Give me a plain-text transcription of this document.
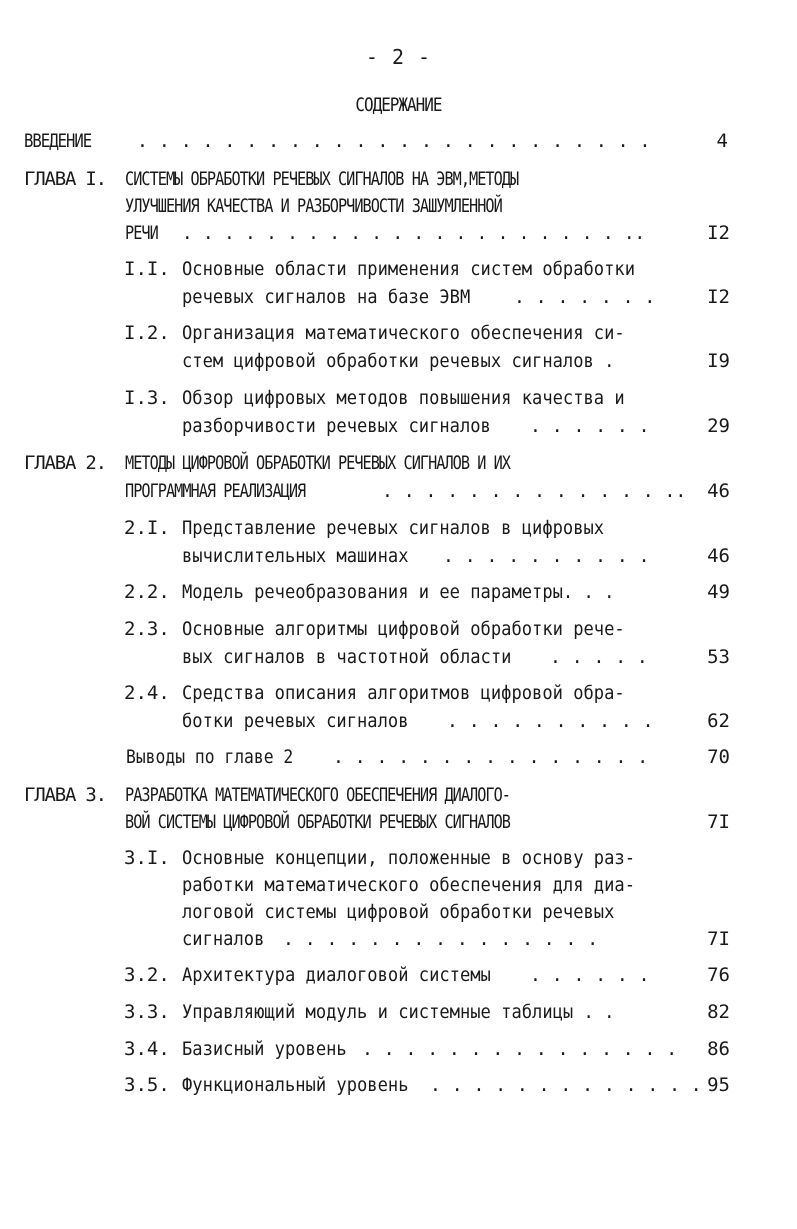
- 2 -
СОДЕРЖАНИЕ
ВВЕДЕНИЕ . . . . . . . . . . . . . . . . . . . . . . . .	4
ГЛАВА I. СИСТЕМЫ ОБРАБОТКИ РЕЧЕВЫХ СИГНАЛОВ НА ЭВМ,МЕТОДЫ
УЛУЧШЕНИЯ КАЧЕСТВА И РАЗБОРЧИВОСТИ ЗАШУМЛЕННОЙ
РЕЧИ . . . . . . . . . . . . . . . . . . . . . ..	I2
I.I. Основные области применения систем обработки
речевых сигналов на базе ЭВМ . . . . . . .	I2
I.2. Организация математического обеспечения си-
стем цифровой обработки речевых сигналов .	I9
I.3. Обзор цифровых методов повышения качества и
разборчивости речевых сигналов . . . . . .	29
ГЛАВА 2. МЕТОДЫ ЦИФРОВОЙ ОБРАБОТКИ РЕЧЕВЫХ СИГНАЛОВ И ИХ
ПРОГРАММНАЯ РЕАЛИЗАЦИЯ	. . . . . . . . . . . . . ..	46
2.I. Представление речевых сигналов в цифровых
вычислительных машинах . . . . . . . . . .	46
2.2. Модель речеобразования и ее параметры. . .	49
2.3. Основные алгоритмы цифровой обработки рече-
вых сигналов в частотной области . . . . .	53
2.4. Средства описания алгоритмов цифровой обра-
ботки речевых сигналов . . . . . . . . . .	62
Выводы по главе 2 . . . . . . . . . . . . . . .	70
ГЛАВА 3. РАЗРАБОТКА МАТЕМАТИЧЕСКОГО ОБЕСПЕЧЕНИЯ ДИАЛОГО-
ВОЙ СИСТЕМЫ ЦИФРОВОЙ ОБРАБОТКИ РЕЧЕВЫХ СИГНАЛОВ	7I
3.I. Основные концепции, положенные в основу раз-
работки математического обеспечения для диа-
логовой системы цифровой обработки речевых
сигналов . . . . . . . . . . . . . . .	7I
3.2. Архитектура диалоговой системы . . . . . .	76
3.3. Управляющий модуль и системные таблицы . .	82
3.4. Базисный уровень . . . . . . . . . . . . . . .	86
3.5. Функциональный уровень . . . . . . . . . . . . . 95
